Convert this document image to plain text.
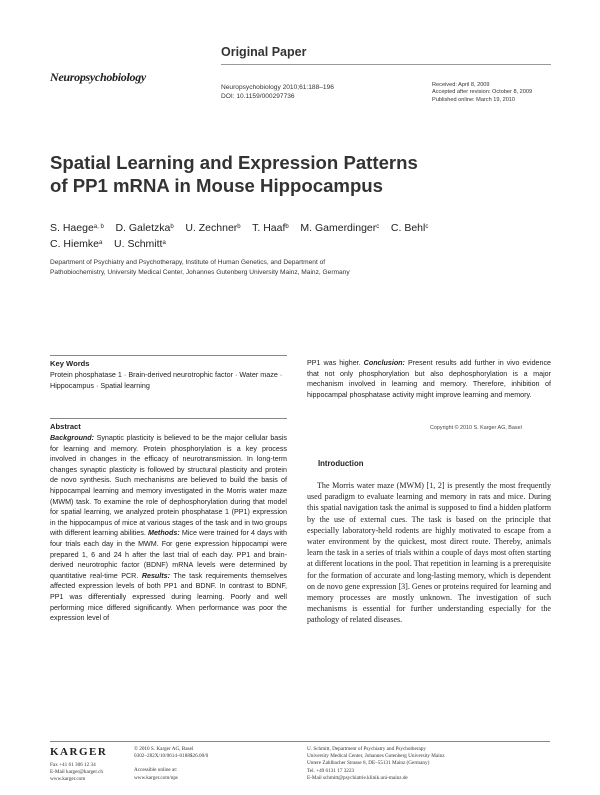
Original Paper
Neuropsychobiology
Neuropsychobiology 2010;61:188–196
DOI: 10.1159/000297736
Received: April 8, 2009
Accepted after revision: October 8, 2009
Published online: March 19, 2010
Spatial Learning and Expression Patterns
of PP1 mRNA in Mouse Hippocampus
S. Haege$^{a, b}$ D. Galetzka$^b$ U. Zechner$^b$ T. Haaf$^b$ M. Gamerdinger$^c$ C. Behl$^c$
C. Hiemke$^a$ U. Schmitt$^a$
Department of Psychiatry and Psychotherapy, Institute of Human Genetics, and Department of
Pathobiochemistry, University Medical Center, Johannes Gutenberg University Mainz, Mainz, Germany
Key Words
Protein phosphatase 1 · Brain-derived neurotrophic factor · Water maze · Hippocampus · Spatial learning
Abstract
Background: Synaptic plasticity is believed to be the major cellular basis for learning and memory. Protein phosphorylation is a key process involved in changes in the efficacy of neurotransmission. In long-term changes synaptic plasticity is followed by structural plasticity and protein de novo synthesis. Such mechanisms are believed to build the basis of hippocampal learning and memory investigated in the Morris water maze (MWM) task. To examine the role of dephosphorylation during that model for spatial learning, we analyzed protein phosphatase 1 (PP1) expression in the hippocampus of mice at various stages of the task and in two groups with different learning abilities. Methods: Mice were trained for 4 days with four trials each day in the MWM. For gene expression hippocampi were prepared 1, 6 and 24 h after the last trial of each day. PP1 and brain-derived neurotrophic factor (BDNF) mRNA levels were determined by quantitative real-time PCR. Results: The task requirements themselves affected expression levels of both PP1 and BDNF. In contrast to BDNF, PP1 was differentially expressed during learning. Poorly and well performing mice differed significantly. When performance was poor the expression level of
PP1 was higher. Conclusion: Present results add further in vivo evidence that not only phosphorylation but also dephosphorylation is a major mechanism involved in learning and memory. Therefore, inhibition of hippocampal phosphatase activity might improve learning and memory.
Copyright © 2010 S. Karger AG, Basel
Introduction
The Morris water maze (MWM) [1, 2] is presently the most frequently used paradigm to evaluate learning and memory in rats and mice. During this spatial navigation task the animal is supposed to find a hidden platform by the use of external cues. The task is based on the principle that especially laboratory-held rodents are highly motivated to escape from a water environment by the quickest, most direct route. Thereby, animals learn the task in a series of trials within a couple of days most often starting at different locations in the pool. That repetition in learning is a prerequisite for the formation of accurate and long-lasting memory, which is dependent on de novo gene expression [3]. Genes or proteins required for learning and memory processes are mostly unknown. The investigation of such mechanisms is essential for further understanding especially for the pathology of related diseases.
KARGER
Fax +41 61 306 12 34
E-Mail karger@karger.ch
www.karger.com
© 2010 S. Karger AG, Basel
0302–282X/10/0614–0188$26.00/0
Accessible online at:
www.karger.com/nps
U. Schmitt, Department of Psychiatry and Psychotherapy
University Medical Center, Johannes Gutenberg University Mainz
Untere Zahlbacher Strasse 8, DE–55131 Mainz (Germany)
Tel. +49 6131 17 3223
E-Mail schmitt@psychiatrie.klinik.uni-mainz.de
